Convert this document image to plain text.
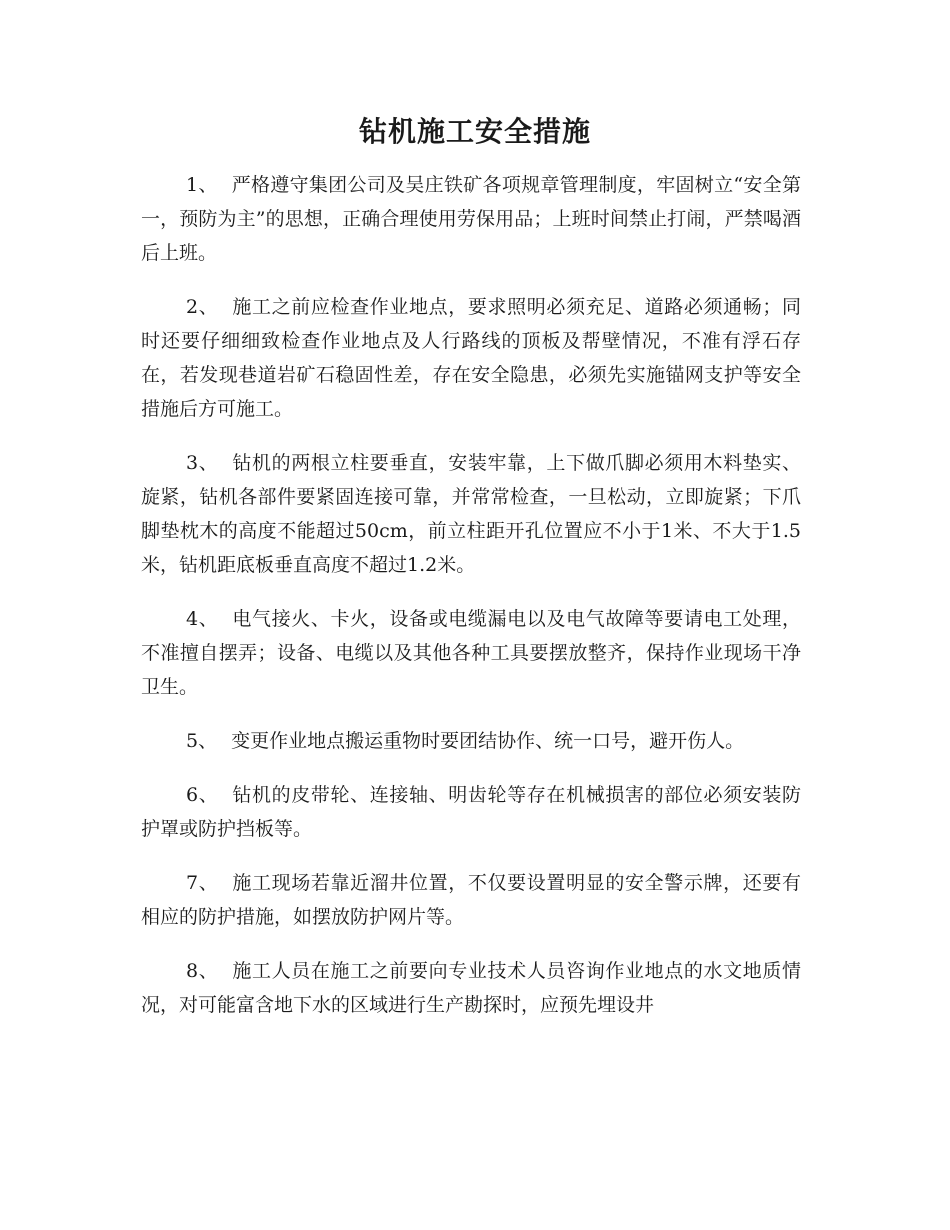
钻机施工安全措施

1、 严格遵守集团公司及吴庄铁矿各项规章管理制度，牢固树立“安全第一，预防为主”的思想，正确合理使用劳保用品；上班时间禁止打闹，严禁喝酒后上班。

2、 施工之前应检查作业地点，要求照明必须充足、道路必须通畅；同时还要仔细细致检查作业地点及人行路线的顶板及帮壁情况，不准有浮石存在，若发现巷道岩矿石稳固性差，存在安全隐患，必须先实施锚网支护等安全措施后方可施工。

3、 钻机的两根立柱要垂直，安装牢靠，上下做爪脚必须用木料垫实、旋紧，钻机各部件要紧固连接可靠，并常常检查，一旦松动，立即旋紧；下爪脚垫枕木的高度不能超过50cm，前立柱距开孔位置应不小于1米、不大于1.5米，钻机距底板垂直高度不超过1.2米。

4、 电气接火、卡火，设备或电缆漏电以及电气故障等要请电工处理，不准擅自摆弄；设备、电缆以及其他各种工具要摆放整齐，保持作业现场干净卫生。

5、 变更作业地点搬运重物时要团结协作、统一口号，避开伤人。

6、 钻机的皮带轮、连接轴、明齿轮等存在机械损害的部位必须安装防护罩或防护挡板等。

7、 施工现场若靠近溜井位置，不仅要设置明显的安全警示牌，还要有相应的防护措施，如摆放防护网片等。

8、 施工人员在施工之前要向专业技术人员咨询作业地点的水文地质情况，对可能富含地下水的区域进行生产勘探时，应预先埋设井
